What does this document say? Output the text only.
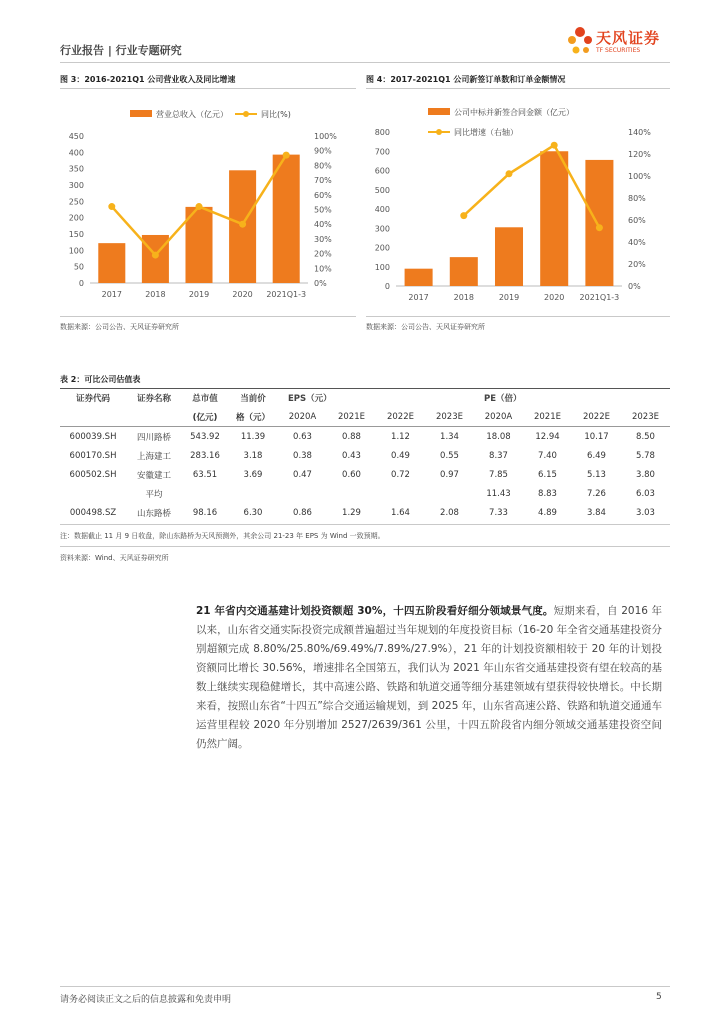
行业报告 | 行业专题研究
天风证券
TF SECURITIES
图 3：2016-2021Q1 公司营业收入及同比增速	图 4：2017-2021Q1 公司新签订单数和订单金额情况
营业总收入（亿元）	同比(%)
0
50
100
150
200
250
300
350
400
450
0%
10%
20%
30%
40%
50%
60%
70%
80%
90%
100%
2017	2018	2019	2020 2021Q1-3
公司中标并新签合同金额（亿元）
同比增速（右轴）
0
100
200
300
400
500
600
700
800
0%
20%
40%
60%
80%
100%
120%
140%
2017	2018	2019	2020 2021Q1-3
数据来源：公司公告、天风证券研究所	数据来源：公司公告、天风证券研究所
表 2：可比公司估值表
证券代码	证券名称	总市值	当前价	EPS（元）				PE（倍）			
		(亿元)	格（元）	2020A	2021E	2022E	2023E	2020A	2021E	2022E	2023E
600039.SH	四川路桥	543.92	11.39	0.63	0.88	1.12	1.34	18.08	12.94	10.17	8.50
600170.SH	上海建工	283.16	3.18	0.38	0.43	0.49	0.55	8.37	7.40	6.49	5.78
600502.SH	安徽建工	63.51	3.69	0.47	0.60	0.72	0.97	7.85	6.15	5.13	3.80
	平均							11.43	8.83	7.26	6.03
000498.SZ	山东路桥	98.16	6.30	0.86	1.29	1.64	2.08	7.33	4.89	3.84	3.03
注：数据截止 11 月 9 日收盘，除山东路桥为天风预测外，其余公司 21-23 年 EPS 为 Wind 一致预期。
资料来源：Wind、天风证券研究所
21 年省内交通基建计划投资额超 30%，十四五阶段看好细分领域景气度。短期来看，自 2016 年以来，山东省交通实际投资完成额普遍超过当年规划的年度投资目标（16-20 年全省交通基建投资分别超额完成 8.80%/25.80%/69.49%/7.89%/27.9%），21 年的计划投资额相较于 20 年的计划投资额同比增长 30.56%，增速排名全国第五，我们认为 2021 年山东省交通基建投资有望在较高的基数上继续实现稳健增长，其中高速公路、铁路和轨道交通等细分基建领域有望获得较快增长。中长期来看，按照山东省“十四五”综合交通运输规划，到 2025 年，山东省高速公路、铁路和轨道交通通车运营里程较 2020 年分别增加 2527/2639/361 公里，十四五阶段省内细分领域交通基建投资空间仍然广阔。
请务必阅读正文之后的信息披露和免责申明	5
